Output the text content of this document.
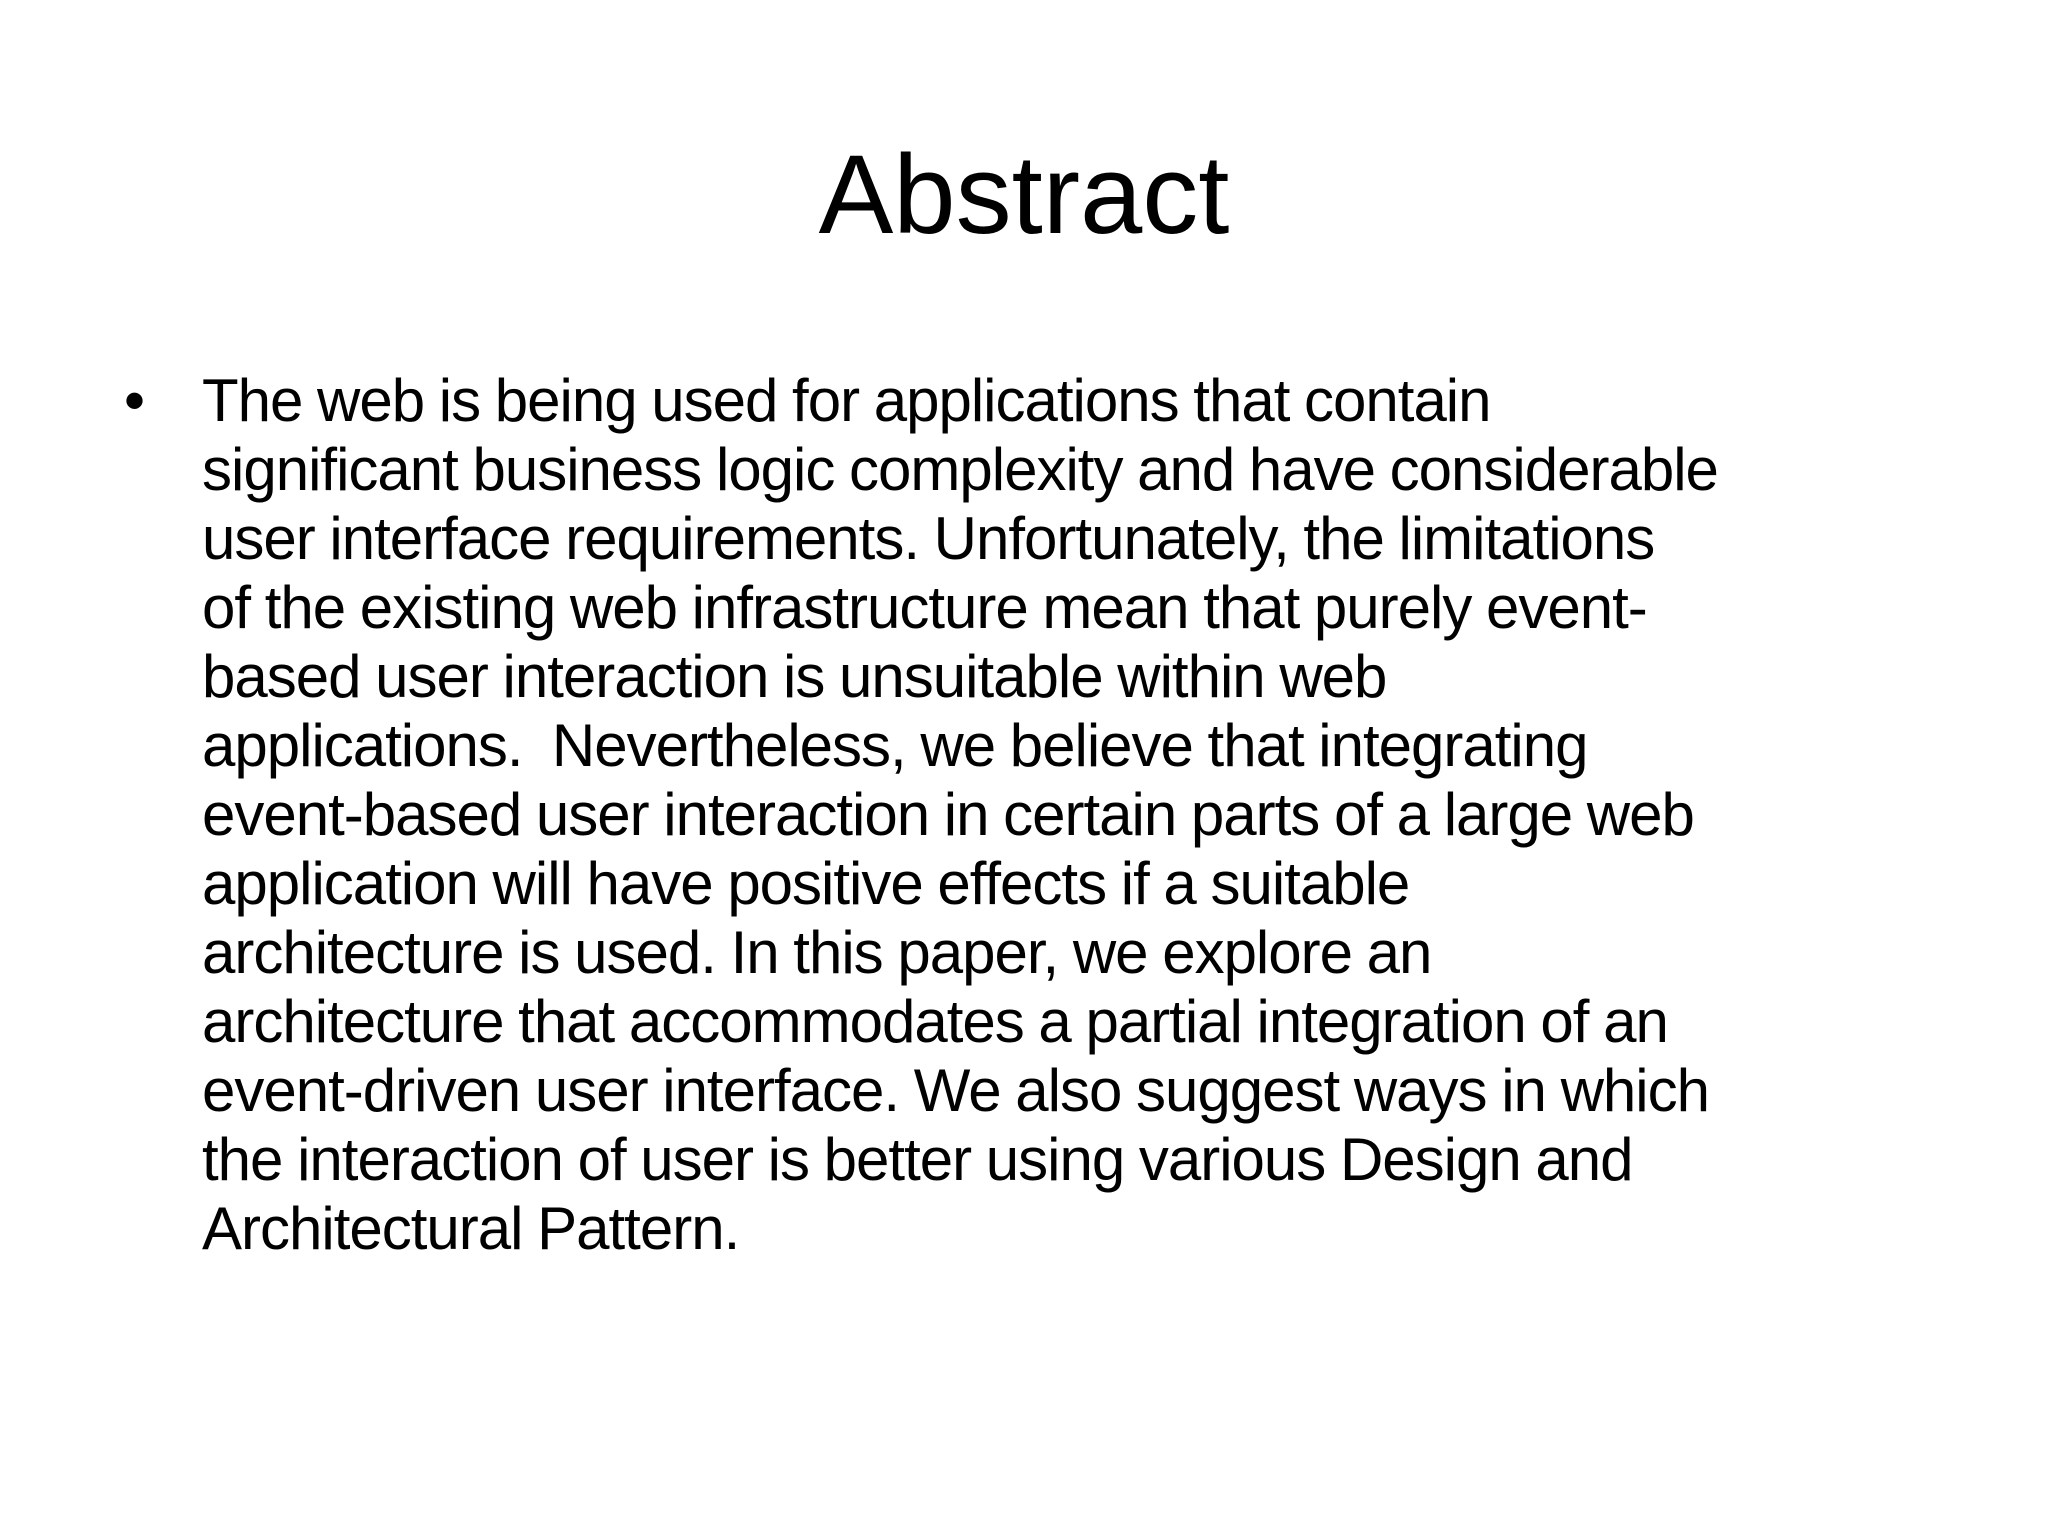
Abstract
• The web is being used for applications that contain
significant business logic complexity and have considerable
user interface requirements. Unfortunately, the limitations
of the existing web infrastructure mean that purely event-
based user interaction is unsuitable within web
applications.  Nevertheless, we believe that integrating
event-based user interaction in certain parts of a large web
application will have positive effects if a suitable
architecture is used. In this paper, we explore an
architecture that accommodates a partial integration of an
event-driven user interface. We also suggest ways in which
the interaction of user is better using various Design and
Architectural Pattern.
